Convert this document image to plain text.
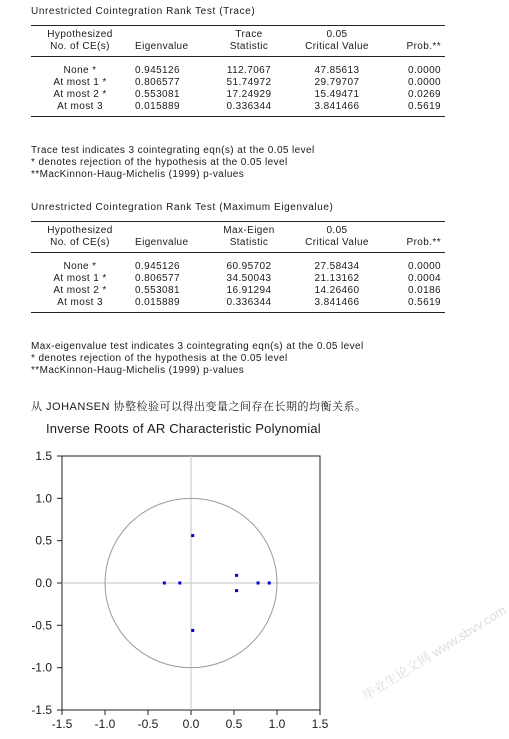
Unrestricted Cointegration Rank Test (Trace)
Hypothesized		Trace	0.05	
No. of CE(s)	Eigenvalue	Statistic	Critical Value	Prob.**
None *	0.945126	112.7067	47.85613	0.0000
At most 1 *	0.806577	51.74972	29.79707	0.0000
At most 2 *	0.553081	17.24929	15.49471	0.0269
At most 3	0.015889	0.336344	3.841466	0.5619
Trace test indicates 3 cointegrating eqn(s) at the 0.05 level
* denotes rejection of the hypothesis at the 0.05 level
**MacKinnon-Haug-Michelis (1999) p-values
Unrestricted Cointegration Rank Test (Maximum Eigenvalue)
Hypothesized		Max-Eigen	0.05	
No. of CE(s)	Eigenvalue	Statistic	Critical Value	Prob.**
None *	0.945126	60.95702	27.58434	0.0000
At most 1 *	0.806577	34.50043	21.13162	0.0004
At most 2 *	0.553081	16.91294	14.26460	0.0186
At most 3	0.015889	0.336344	3.841466	0.5619
Max-eigenvalue test indicates 3 cointegrating eqn(s) at the 0.05 level
* denotes rejection of the hypothesis at the 0.05 level
**MacKinnon-Haug-Michelis (1999) p-values
从 JOHANSEN 协整检验可以得出变量之间存在长期的均衡关系。
Inverse Roots of AR Characteristic Polynomial
-1.5 -1.0 -0.5 0.0 0.5 1.0 1.5
1.5
1.0
0.5
0.0
-0.5
-1.0
-1.5
毕业生论文网 www.sbvv.com
